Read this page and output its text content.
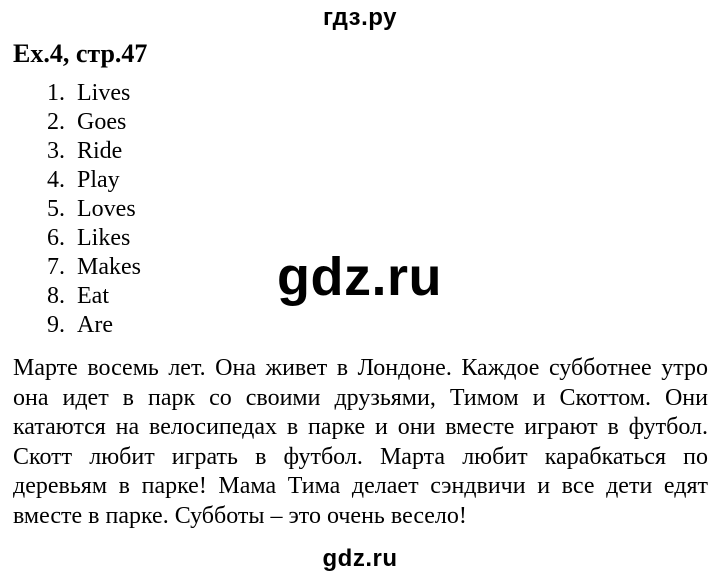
гдз.ру
Ex.4, стр.47
1. Lives
2. Goes
3. Ride
4. Play
5. Loves
6. Likes
7. Makes
8. Eat
9. Are
gdz.ru
Марте восемь лет. Она живет в Лондоне. Каждое субботнее утро
она идет в парк со своими друзьями, Тимом и Скоттом. Они
катаются на велосипедах в парке и они вместе играют в футбол.
Скотт любит играть в футбол. Марта любит карабкаться по
деревьям в парке! Мама Тима делает сэндвичи и все дети едят
вместе в парке. Субботы – это очень весело!
gdz.ru
